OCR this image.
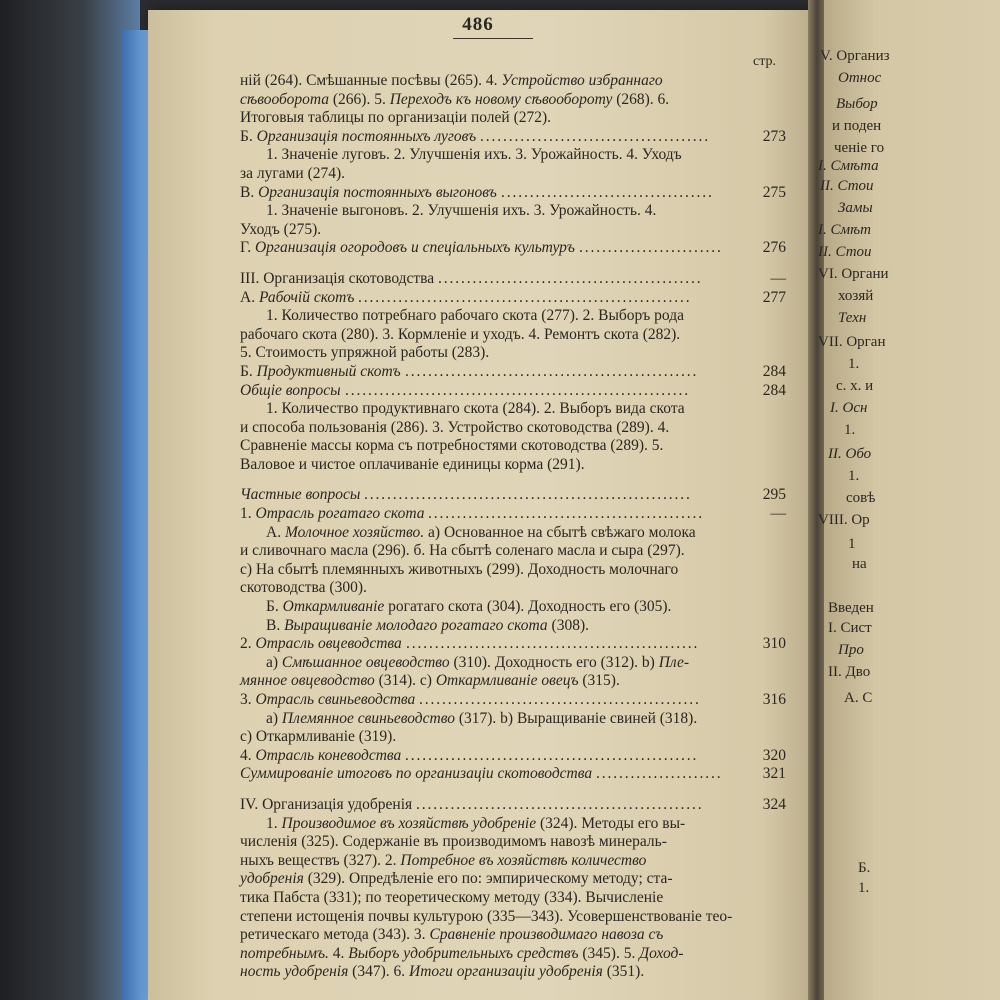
486
стр.
нiй (264). Смѣшанные посѣвы (265). 4. Устройство избраннаго
сѣвооборота (266). 5. Переходъ къ новому сѣвообороту (268). 6.
Итоговыя таблицы по организацiи полей (272).
Б. Организацiя постоянныхъ луговъ . . . . . . . . . . . . . . . . . . . . . . . . . . . . . . . . . . . . . . . .	273
1. Значенiе луговъ. 2. Улучшенiя ихъ. 3. Урожайность. 4. Уходъ
за лугами (274).
В. Организацiя постоянныхъ выгоновъ . . . . . . . . . . . . . . . . . . . . . . . . . . . . . . . . . . . . .	275
1. Значенiе выгоновъ. 2. Улучшенiя ихъ. 3. Урожайность. 4.
Уходъ (275).
Г. Организацiя огородовъ и спецiальныхъ культуръ . . . . . . . . . . . . . . . . . . . . . . . . .	276
III. Организацiя скотоводства . . . . . . . . . . . . . . . . . . . . . . . . . . . . . . . . . . . . . . . . . . . . . .	—
А. Рабочiй скотъ . . . . . . . . . . . . . . . . . . . . . . . . . . . . . . . . . . . . . . . . . . . . . . . . . . . . . . . . . .	277
1. Количество потребнаго рабочаго скота (277). 2. Выборъ рода
рабочаго скота (280). 3. Кормленiе и уходъ. 4. Ремонтъ скота (282).
5. Стоимость упряжной работы (283).
Б. Продуктивный скотъ . . . . . . . . . . . . . . . . . . . . . . . . . . . . . . . . . . . . . . . . . . . . . . . . . . .	284
Общiе вопросы . . . . . . . . . . . . . . . . . . . . . . . . . . . . . . . . . . . . . . . . . . . . . . . . . . . . . . . . . . . .	284
1. Количество продуктивнаго скота (284). 2. Выборъ вида скота
и способа пользованiя (286). 3. Устройство скотоводства (289). 4.
Сравненiе массы корма съ потребностями скотоводства (289). 5.
Валовое и чистое оплачиванiе единицы корма (291).
Частные вопросы . . . . . . . . . . . . . . . . . . . . . . . . . . . . . . . . . . . . . . . . . . . . . . . . . . . . . . . . .	295
1. Отрасль рогатаго скота . . . . . . . . . . . . . . . . . . . . . . . . . . . . . . . . . . . . . . . . . . . . . . . .	—
А. Молочное хозяйство. a) Основанное на сбытѣ свѣжаго молока
и сливочнаго масла (296). б. На сбытѣ соленаго масла и сыра (297).
c) На сбытѣ племянныхъ животныхъ (299). Доходность молочнаго
скотоводства (300).
Б. Откармливанiе рогатаго скота (304). Доходность его (305).
В. Выращиванiе молодаго рогатаго скота (308).
2. Отрасль овцеводства . . . . . . . . . . . . . . . . . . . . . . . . . . . . . . . . . . . . . . . . . . . . . . . . . . .	310
a) Смѣшанное овцеводство (310). Доходность его (312). b) Пле-
мянное овцеводство (314). c) Откармливанiе овецъ (315).
3. Отрасль свиньеводства . . . . . . . . . . . . . . . . . . . . . . . . . . . . . . . . . . . . . . . . . . . . . . . . .	316
a) Племянное свиньеводство (317). b) Выращиванiе свиней (318).
c) Откармливанiе (319).
4. Отрасль коневодства . . . . . . . . . . . . . . . . . . . . . . . . . . . . . . . . . . . . . . . . . . . . . . . . . . .	320
Суммированiе итоговъ по организацiи скотоводства . . . . . . . . . . . . . . . . . . . . . .	321
IV. Организацiя удобренiя . . . . . . . . . . . . . . . . . . . . . . . . . . . . . . . . . . . . . . . . . . . . . . . . . .	324
1. Производимое въ хозяйствѣ удобренiе (324). Методы его вы-
численiя (325). Содержанiе въ производимомъ навозѣ минераль-
ныхъ веществъ (327). 2. Потребное въ хозяйствѣ количество
удобренiя (329). Опредѣленiе его по: эмпирическому методу; ста-
тика Пабста (331); по теоретическому методу (334). Вычисленiе
степени истощенiя почвы культурою (335—343). Усовершенствованiе тео-
ретическаго метода (343). 3. Сравненiе производимаго навоза съ
потребнымъ. 4. Выборъ удобрительныхъ средствъ (345). 5. Доход-
ность удобренiя (347). 6. Итоги организацiи удобренiя (351).
V. Организ
Относ
Выбор
и поден
ченiе го
I. Смѣта
II. Стои
Замы
I. Смѣт
II. Стои
VI. Органи
хозяй
Техн
VII. Орган
1.
с. х. и
I. Осн
1.
II. Обо
1.
совѣ
VIII. Ор
1
на
Введен
I. Сист
Про
II. Дво
А. С
Б.
1.
